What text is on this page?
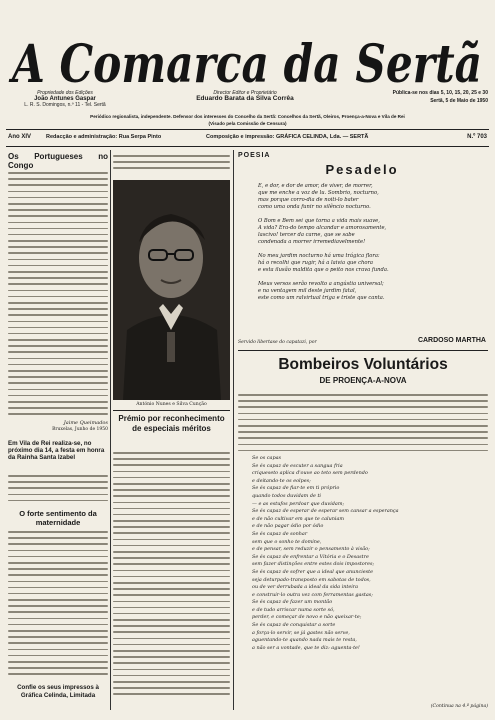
A Comarca da Sertã
Propriedade dos Edições
João Antunes Gaspar
L. R. S. Domingos, n.º 11 - Tel. Sertã
Director Editor e Proprietário
Eduardo Barata da Silva Corrêa
Pública-se nos dias 5, 10, 15, 20, 25 e 30
Sertã, 5 de Maio de 1950
Periódico regionalista, independente. Defensor dos interesses do Concelho da Sertã: Concelhos da Sertã, Oleiros, Proença-a-Nova e Vila de Rei
(Visado pela Comissão de Censura)
Ano XIV	Redacção e administração: Rua Serpa Pinto	Composição e impressão: GRÁFICA CELINDA, Lda. — SERTÃ	N.º 703
Os Portugueses no Congo
Jaime Queimados
Bruxelas, Junho de 1950
Em Vila de Rei realiza-se, no próximo dia 14, a festa em honra da Rainha Santa Izabel
O forte sentimento da maternidade
Confie os seus impressos à Gráfica Celinda, Limitada
António Nunes e Silva Cunção
Prémio por reconhecimento de especiais méritos
POESIA
Pesadelo
E, e dor, e dor de amor, de viver, de morrer,
que me enche a voz de lu. Sombrio, nocturno,
mas porque corro-dia de noiti-lo bater
como uma onda funir no silêncio nocturno.

O Bom e Bem sei que torna a vida mais suave,
A vida? Era-do tempo alcandar e amorosamente,
lascivo! tercer da carne, que se sabe
condenada a morrer irremediavelmente!

No meu jardim nocturno há uma trágica flora:
há o recolhi que rugir, há a laivia que chora
e esta ilusão maldita que o peito nos crava funda.

Meus versos serão revolto a angústia universal;
e na ventagem mil deste jardim fatal,
este como um ralvirtual triga e triste que canta.
Servido libertase do capatazi, por	CARDOSO MARTHA
Bombeiros Voluntários
DE PROENÇA-A-NOVA
Se os capas
Se és capaz de escuter a sangua fria
criqueseto aplica d'ouve ao teto sem perdendo
e deitando-te os eolpes;
Se és capaz de fiar-te em ti próprio
quando todos duvidam de ti
— e as estufos perdoar que duvidam;
Se és capaz de esperar de esperar sem cansar a esperança
e de não cultivar em que te caluniam
e de não pagar ódio por ódio
Se és capaz de sonhar
sem que o sonho te domine,
e de pensar, sem reduzir o pensamento à visão;
Se és capaz de enfrentar a Vitória e o Desastre
sem fazer distinções entre estes dois impostores;
Se és capaz de sofrer que a ideal que anuncieste
seja deturpado-transposto em sabotas de todos,
ou de ver derrubada a ideal da sida inteira
e construir-lo outra vez com ferramentas gastas;
Se és capaz de fazer um montão
e de tudo arriscar numa sorte só,
perder, e começar de novo e não queixar-te;
Se és capaz de conquistar a sorte
a força-lo servir, se já gastes não serve,
aguentando-te quando nada mais te resta,
a não ser a vontade, que te diz: aguenta-te!
(Continua na 4.ª página)
